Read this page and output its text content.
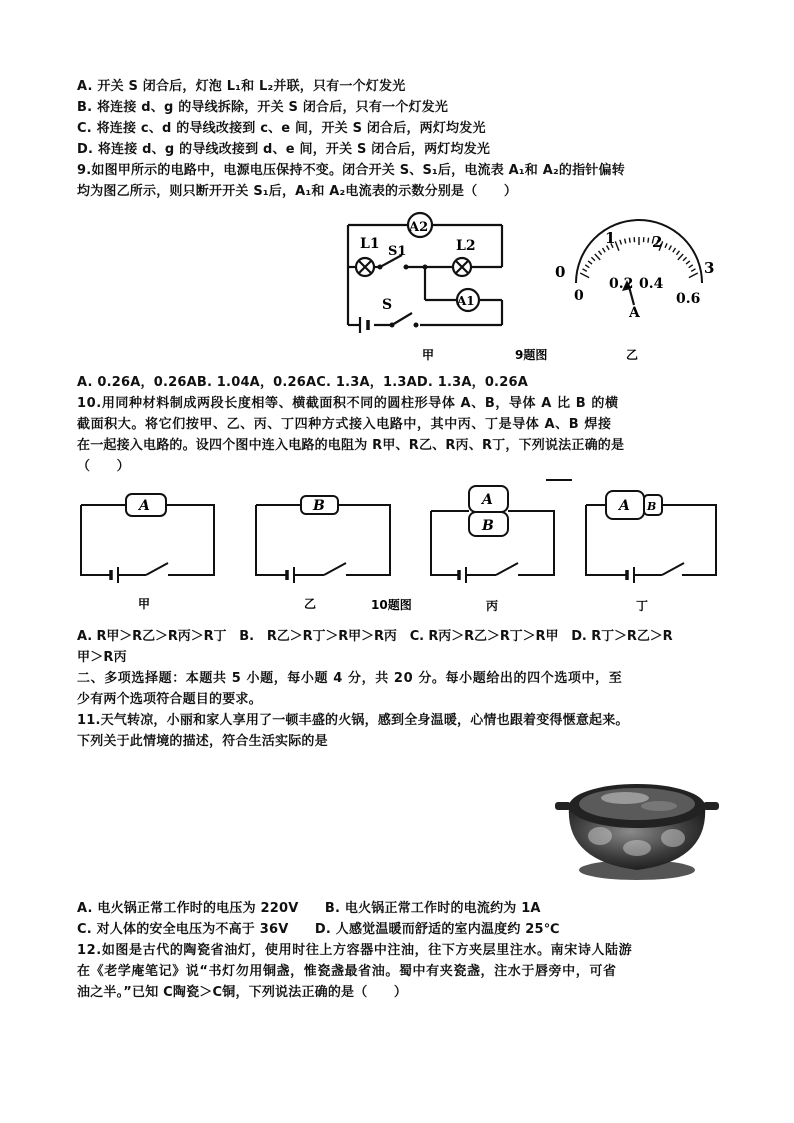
A. 开关 S 闭合后，灯泡 L₁和 L₂并联，只有一个灯发光
B. 将连接 d、g 的导线拆除，开关 S 闭合后，只有一个灯发光
C. 将连接 c、d 的导线改接到 c、e 间，开关 S 闭合后，两灯均发光
D. 将连接 d、g 的导线改接到 d、e 间，开关 S 闭合后，两灯均发光
9.如图甲所示的电路中，电源电压保持不变。闭合开关 S、S₁后，电流表 A₁和 A₂的指针偏转
均为图乙所示，则只断开开关 S₁后，A₁和 A₂电流表的示数分别是（　　）
A2
A1
L1 S1	L2
S
甲	9题图	乙
A
0
1 2
3
0
0.2 0.4
0.6
A. 0.26A，0.26AB. 1.04A，0.26AC. 1.3A，1.3AD. 1.3A，0.26A
10.用同种材料制成两段长度相等、横截面积不同的圆柱形导体 A、B，导体 A 比 B 的横
截面积大。将它们按甲、乙、丙、丁四种方式接入电路中，其中丙、丁是导体 A、B 焊接
在一起接入电路的。设四个图中连入电路的电阻为 R甲、R乙、R丙、R丁，下列说法正确的是
（　　）
A	B	A
B
A B
甲	乙	10题图	丙	丁
A. R甲＞R乙＞R丙＞R丁　B.　R乙＞R丁＞R甲＞R丙　C. R丙＞R乙＞R丁＞R甲　D. R丁＞R乙＞R
甲＞R丙
二、多项选择题：本题共 5 小题，每小题 4 分，共 20 分。每小题给出的四个选项中，至
少有两个选项符合题目的要求。
11.天气转凉，小丽和家人享用了一顿丰盛的火锅，感到全身温暖，心情也跟着变得惬意起来。
下列关于此情境的描述，符合生活实际的是
A. 电火锅正常工作时的电压为 220V　　B. 电火锅正常工作时的电流约为 1A
C. 对人体的安全电压为不高于 36V　　D. 人感觉温暖而舒适的室内温度约 25℃
12.如图是古代的陶瓷省油灯，使用时往上方容器中注油，往下方夹层里注水。南宋诗人陆游
在《老学庵笔记》说“书灯勿用铜盏，惟瓷盏最省油。蜀中有夹瓷盏，注水于唇旁中，可省
油之半。”已知 C陶瓷＞C铜，下列说法正确的是（　　）
